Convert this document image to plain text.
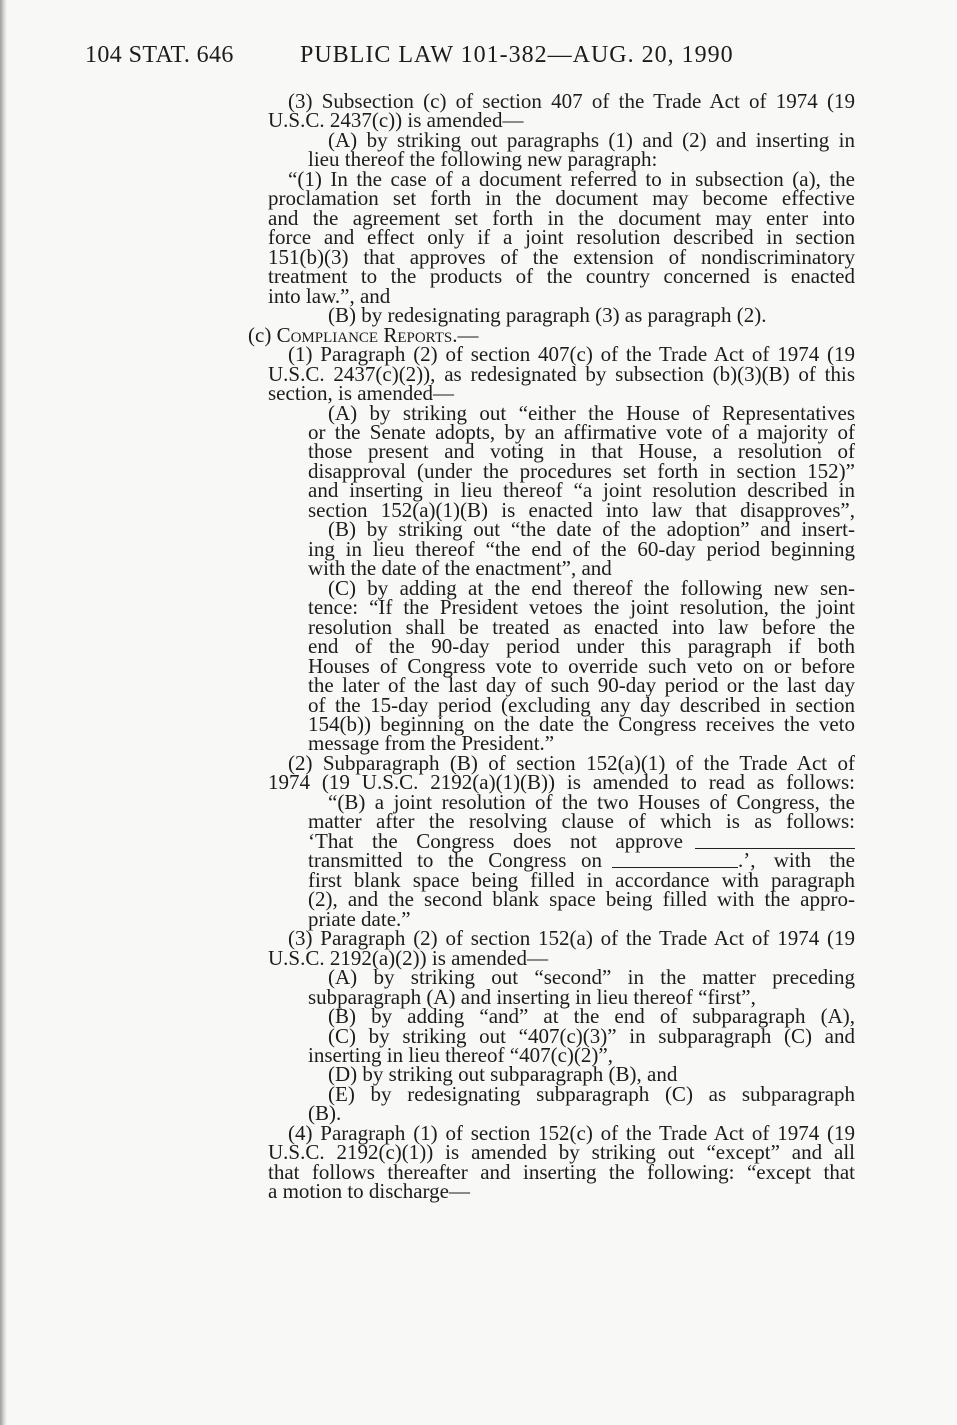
104 STAT. 646	PUBLIC LAW 101-382—AUG. 20, 1990
(3) Subsection (c) of section 407 of the Trade Act of 1974 (19
U.S.C. 2437(c)) is amended—
(A) by striking out paragraphs (1) and (2) and inserting in
lieu thereof the following new paragraph:
“(1) In the case of a document referred to in subsection (a), the
proclamation set forth in the document may become effective
and the agreement set forth in the document may enter into
force and effect only if a joint resolution described in section
151(b)(3) that approves of the extension of nondiscriminatory
treatment to the products of the country concerned is enacted
into law.”, and
(B) by redesignating paragraph (3) as paragraph (2).
(c) Compliance Reports.—
(1) Paragraph (2) of section 407(c) of the Trade Act of 1974 (19
U.S.C. 2437(c)(2)), as redesignated by subsection (b)(3)(B) of this
section, is amended—
(A) by striking out “either the House of Representatives
or the Senate adopts, by an affirmative vote of a majority of
those present and voting in that House, a resolution of
disapproval (under the procedures set forth in section 152)”
and inserting in lieu thereof “a joint resolution described in
section 152(a)(1)(B) is enacted into law that disapproves”,
(B) by striking out “the date of the adoption” and insert-
ing in lieu thereof “the end of the 60-day period beginning
with the date of the enactment”, and
(C) by adding at the end thereof the following new sen-
tence: “If the President vetoes the joint resolution, the joint
resolution shall be treated as enacted into law before the
end of the 90-day period under this paragraph if both
Houses of Congress vote to override such veto on or before
the later of the last day of such 90-day period or the last day
of the 15-day period (excluding any day described in section
154(b)) beginning on the date the Congress receives the veto
message from the President.”
(2) Subparagraph (B) of section 152(a)(1) of the Trade Act of
1974 (19 U.S.C. 2192(a)(1)(B)) is amended to read as follows:
“(B) a joint resolution of the two Houses of Congress, the
matter after the resolving clause of which is as follows:
‘That the Congress does not approve
transmitted to the Congress on	.’, with the
first blank space being filled in accordance with paragraph
(2), and the second blank space being filled with the appro-
priate date.”
(3) Paragraph (2) of section 152(a) of the Trade Act of 1974 (19
U.S.C. 2192(a)(2)) is amended—
(A) by striking out “second” in the matter preceding
subparagraph (A) and inserting in lieu thereof “first”,
(B) by adding “and” at the end of subparagraph (A),
(C) by striking out “407(c)(3)” in subparagraph (C) and
inserting in lieu thereof “407(c)(2)”,
(D) by striking out subparagraph (B), and
(E) by redesignating subparagraph (C) as subparagraph
(B).
(4) Paragraph (1) of section 152(c) of the Trade Act of 1974 (19
U.S.C. 2192(c)(1)) is amended by striking out “except” and all
that follows thereafter and inserting the following: “except that
a motion to discharge—
